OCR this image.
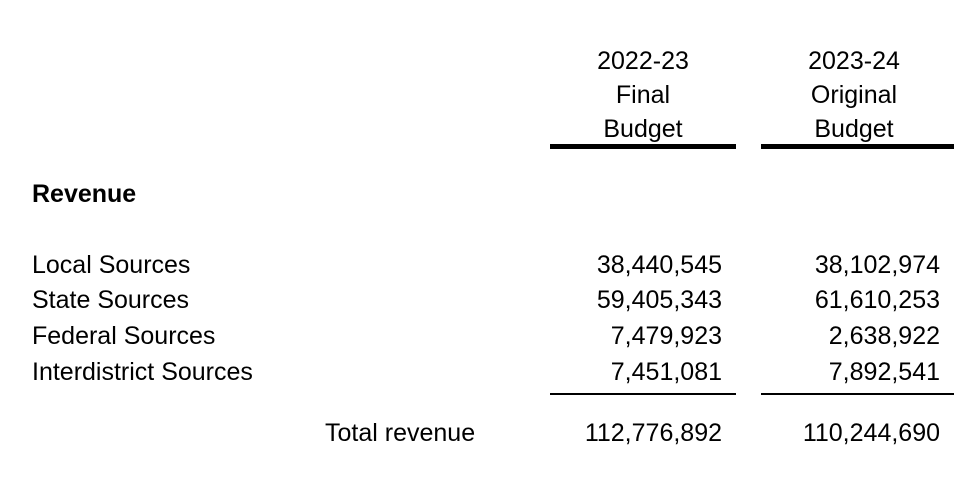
2022-23
Final
Budget
2023-24
Original
Budget
Revenue
Local Sources	38,440,545	38,102,974
State Sources	59,405,343	61,610,253
Federal Sources	7,479,923	2,638,922
Interdistrict Sources	7,451,081	7,892,541
Total revenue	112,776,892	110,244,690
